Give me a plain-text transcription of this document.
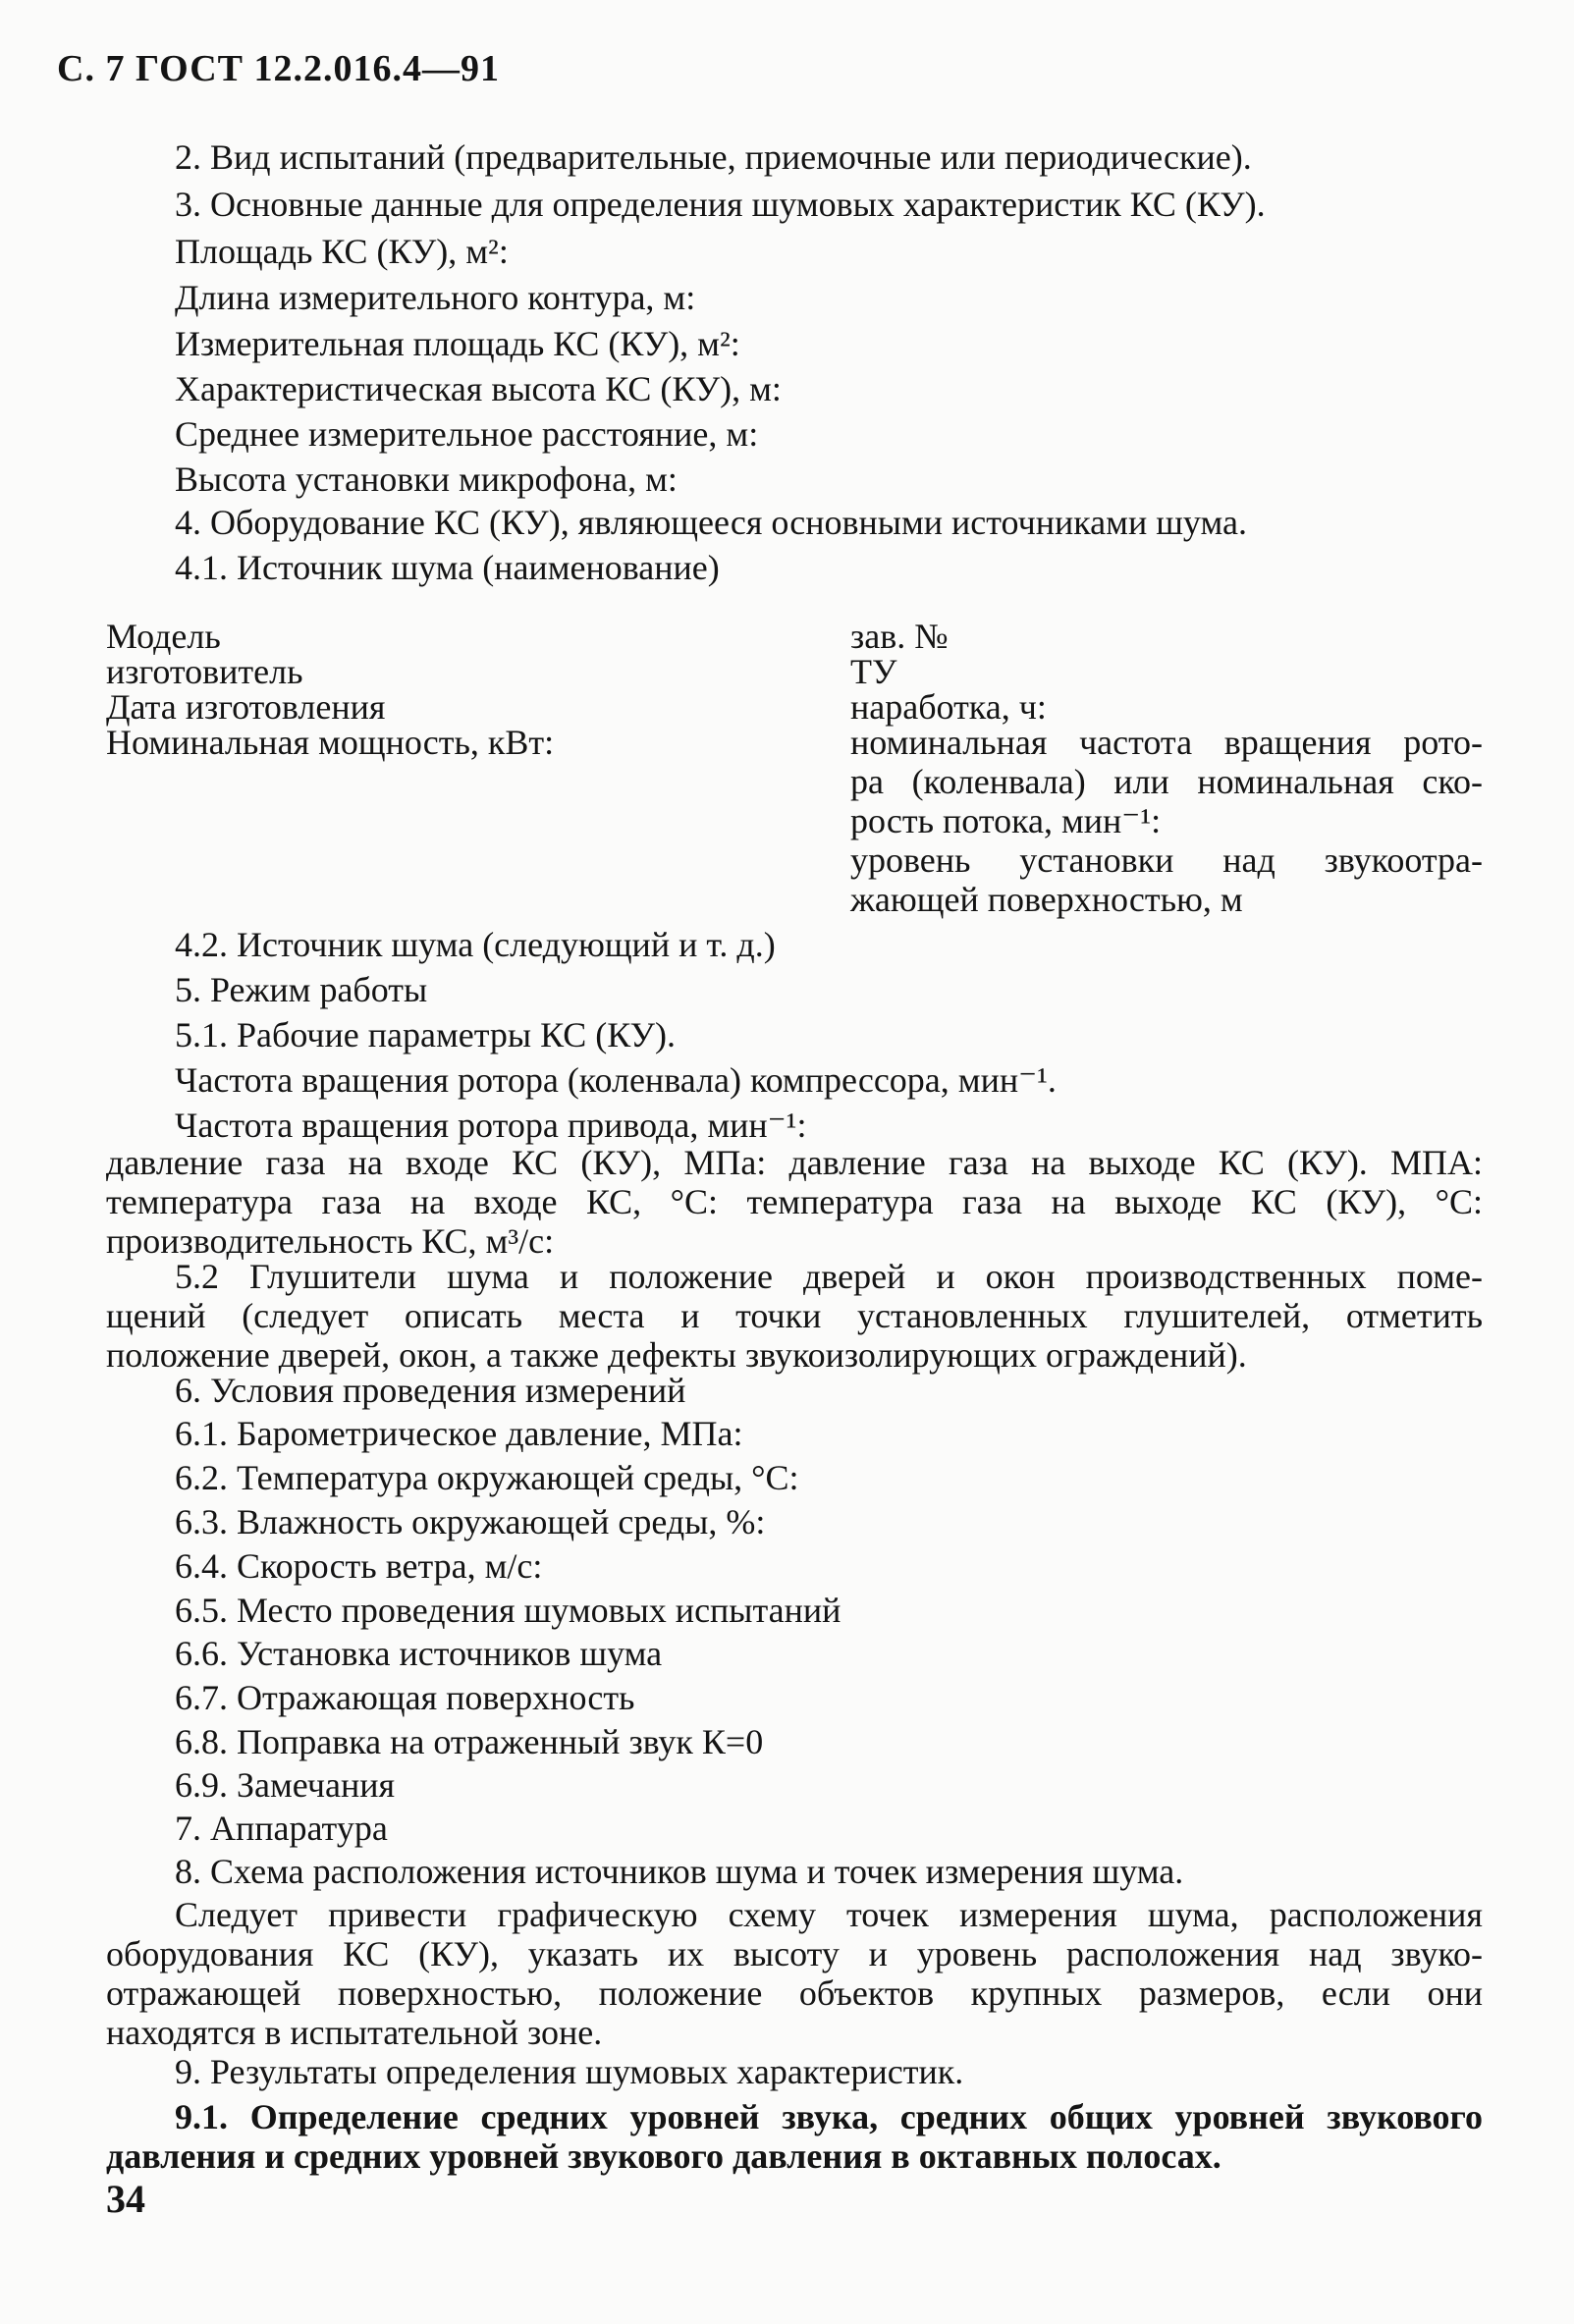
С. 7 ГОСТ 12.2.016.4—91
2. Вид испытаний (предварительные, приемочные или периодические).
3. Основные данные для определения шумовых характеристик КС (КУ).
Площадь КС (КУ), м²:
Длина измерительного контура, м:
Измерительная площадь КС (КУ), м²:
Характеристическая высота КС (КУ), м:
Среднее измерительное расстояние, м:
Высота установки микрофона, м:
4. Оборудование КС (КУ), являющееся основными источниками шума.
4.1. Источник шума (наименование)
Модель
изготовитель
Дата изготовления
Номинальная мощность, кВт:
зав. №
ТУ
наработка, ч:
номинальная частота вращения рото-
ра (коленвала) или номинальная ско-
рость потока, мин⁻¹:
уровень установки над звукоотра-
жающей поверхностью, м
4.2. Источник шума (следующий и т. д.)
5. Режим работы
5.1. Рабочие параметры КС (КУ).
Частота вращения ротора (коленвала) компрессора, мин⁻¹.
Частота вращения ротора привода, мин⁻¹:
давление газа на входе КС (КУ), МПа: давление газа на выходе КС (КУ). МПА:
температура газа на входе КС, °С: температура газа на выходе КС (КУ), °С:
производительность КС, м³/с:
5.2 Глушители шума и положение дверей и окон производственных поме-
щений (следует описать места и точки установленных глушителей, отметить
положение дверей, окон, а также дефекты звукоизолирующих ограждений).
6. Условия проведения измерений
6.1. Барометрическое давление, МПа:
6.2. Температура окружающей среды, °С:
6.3. Влажность окружающей среды, %:
6.4. Скорость ветра, м/с:
6.5. Место проведения шумовых испытаний
6.6. Установка источников шума
6.7. Отражающая поверхность
6.8. Поправка на отраженный звук К=0
6.9. Замечания
7. Аппаратура
8. Схема расположения источников шума и точек измерения шума.
Следует привести графическую схему точек измерения шума, расположения
оборудования КС (КУ), указать их высоту и уровень расположения над звуко-
отражающей поверхностью, положение объектов крупных размеров, если они
находятся в испытательной зоне.
9. Результаты определения шумовых характеристик.
9.1. Определение средних уровней звука, средних общих уровней звукового
давления и средних уровней звукового давления в октавных полосах.
34
